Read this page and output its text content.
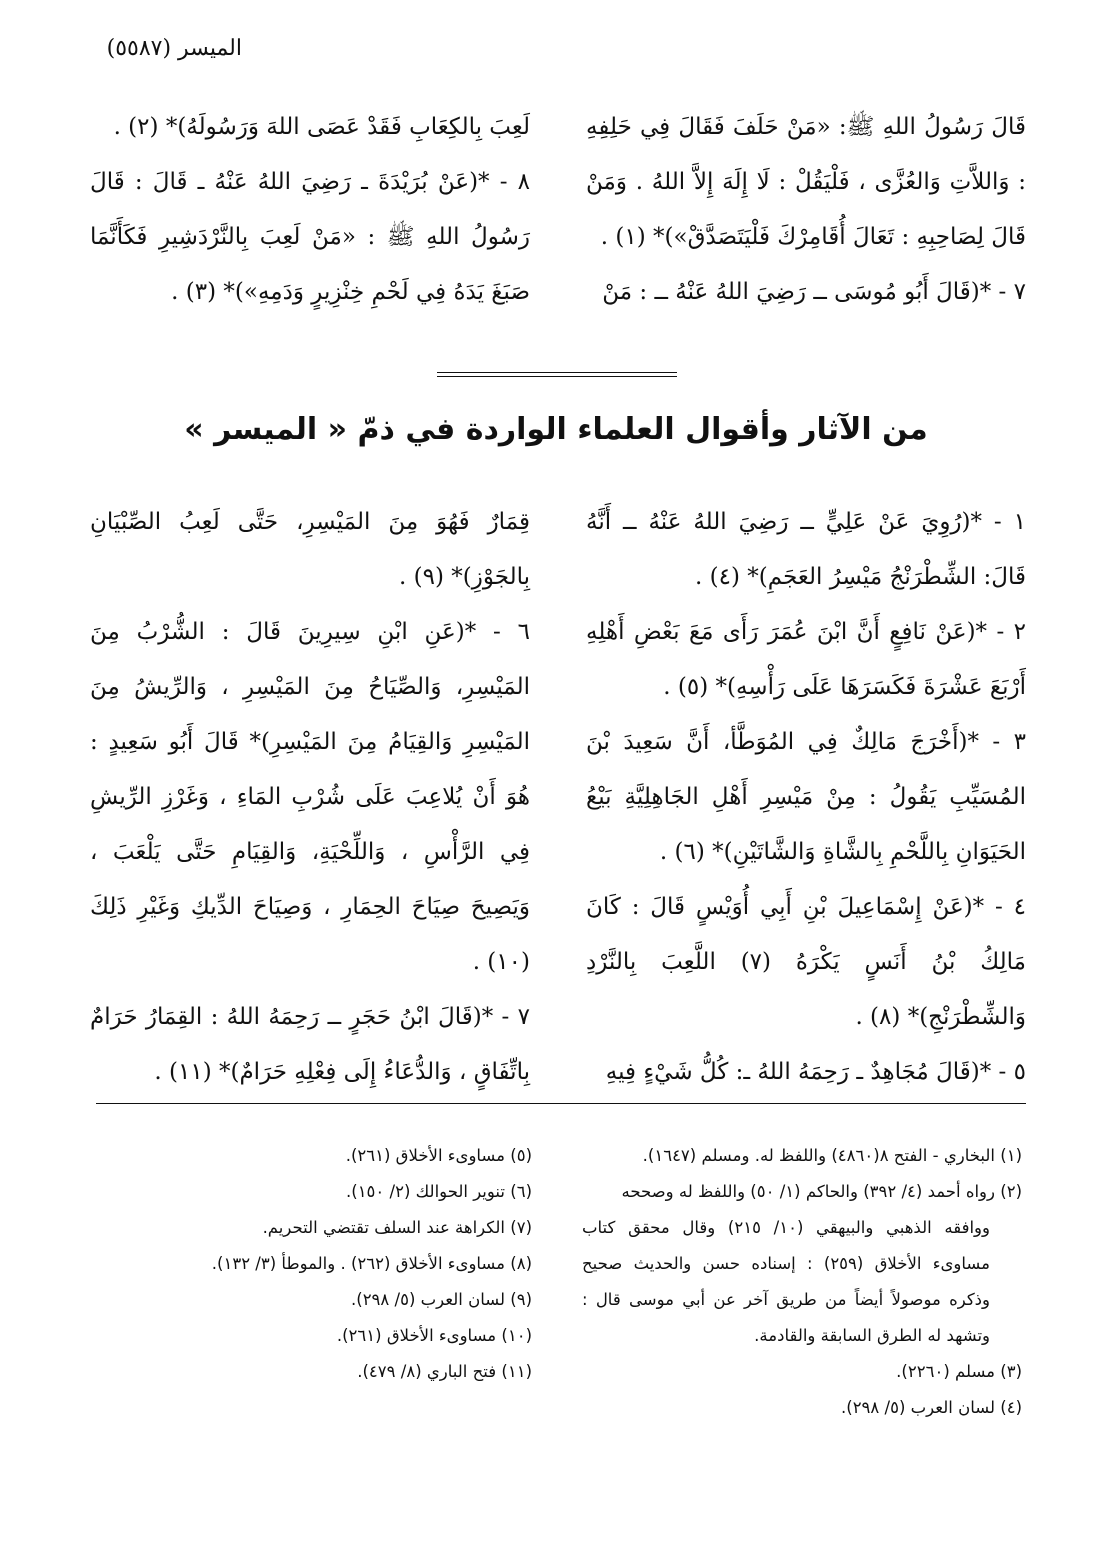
الميسر (٥٥٨٧)

قَالَ رَسُولُ اللهِ ﷺ: «مَنْ حَلَفَ فَقَالَ فِي حَلِفِهِ : وَاللاَّتِ وَالعُزَّى ، فَلْيَقُلْ : لَا إِلَهَ إِلاَّ اللهُ . وَمَنْ قَالَ لِصَاحِبِهِ : تَعَالَ أُقَامِرْكَ فَلْيَتَصَدَّقْ»)* (١) .

٧ - *(قَالَ أَبُو مُوسَى ــ رَضِيَ اللهُ عَنْهُ ــ : مَنْ

لَعِبَ بِالكِعَابِ فَقَدْ عَصَى اللهَ وَرَسُولَهُ)* (٢) .

٨ - *(عَنْ بُرَيْدَةَ ـ رَضِيَ اللهُ عَنْهُ ـ قَالَ : قَالَ رَسُولُ اللهِ ﷺ : «مَنْ لَعِبَ بِالنَّرْدَشِيرِ فَكَأَنَّمَا صَبَغَ يَدَهُ فِي لَحْمِ خِنْزِيرٍ وَدَمِهِ»)* (٣) .

من الآثار وأقوال العلماء الواردة في ذمّ « الميسر »

١ - *(رُوِيَ عَنْ عَلِيٍّ ــ رَضِيَ اللهُ عَنْهُ ــ أَنَّهُ قَالَ: الشِّطْرَنْجُ مَيْسِرُ العَجَمِ)* (٤) .

٢ - *(عَنْ نَافِعٍ أَنَّ ابْنَ عُمَرَ رَأَى مَعَ بَعْضِ أَهْلِهِ أَرْبَعَ عَشْرَةَ فَكَسَرَهَا عَلَى رَأْسِهِ)* (٥) .

٣ - *(أَخْرَجَ مَالِكٌ فِي المُوَطَّأ، أَنَّ سَعِيدَ بْنَ المُسَيِّبِ يَقُولُ : مِنْ مَيْسِرِ أَهْلِ الجَاهِلِيَّةِ بَيْعُ الحَيَوَانِ بِاللَّحْمِ بِالشَّاةِ وَالشَّاتَيْنِ)* (٦) .

٤ - *(عَنْ إِسْمَاعِيلَ بْنِ أَبِي أُوَيْسٍ قَالَ : كَانَ مَالِكُ بْنُ أَنَسٍ يَكْرَهُ (٧) اللَّعِبَ بِالنَّرْدِ وَالشِّطْرَنْجِ)* (٨) .

٥ - *(قَالَ مُجَاهِدٌ ـ رَحِمَهُ اللهُ ـ: كُلُّ شَيْءٍ فِيهِ

قِمَارٌ فَهُوَ مِنَ المَيْسِرِ، حَتَّى لَعِبُ الصِّبْيَانِ بِالجَوْزِ)* (٩) .

٦ - *(عَنِ ابْنِ سِيرِينَ قَالَ : الشُّرْبُ مِنَ المَيْسِرِ، وَالصِّيَاحُ مِنَ المَيْسِرِ ، وَالرِّيشُ مِنَ المَيْسِرِ وَالقِيَامُ مِنَ المَيْسِرِ)* قَالَ أَبُو سَعِيدٍ : هُوَ أَنْ يُلاعِبَ عَلَى شُرْبِ المَاءِ ، وَغَرْزِ الرِّيشِ فِي الرَّأْسِ ، وَاللِّحْيَةِ، وَالقِيَامِ حَتَّى يَلْعَبَ ، وَيَصِيحَ صِيَاحَ الحِمَارِ ، وَصِيَاحَ الدِّيكِ وَغَيْرِ ذَلِكَ (١٠) .

٧ - *(قَالَ ابْنُ حَجَرٍ ــ رَحِمَهُ اللهُ : القِمَارُ حَرَامٌ بِاتِّفَاقٍ ، وَالدُّعَاءُ إِلَى فِعْلِهِ حَرَامٌ)* (١١) .

(١) البخاري - الفتح ٨(٤٨٦٠) واللفظ له. ومسلم (١٦٤٧).

(٢) رواه أحمد (٤/ ٣٩٢) والحاكم (١/ ٥٠) واللفظ له وصححه

ووافقه الذهبي والبيهقي (١٠/ ٢١٥) وقال محقق كتاب مساوىء الأخلاق (٢٥٩) : إسناده حسن والحديث صحيح وذكره موصولاً أيضاً من طريق آخر عن أبي موسى قال : وتشهد له الطرق السابقة والقادمة.

(٣) مسلم (٢٢٦٠).

(٤) لسان العرب (٥/ ٢٩٨).

(٥) مساوىء الأخلاق (٢٦١).

(٦) تنوير الحوالك (٢/ ١٥٠).

(٧) الكراهة عند السلف تقتضي التحريم.

(٨) مساوىء الأخلاق (٢٦٢) . والموطأ (٣/ ١٣٢).

(٩) لسان العرب (٥/ ٢٩٨).

(١٠) مساوىء الأخلاق (٢٦١).

(١١) فتح الباري (٨/ ٤٧٩).
